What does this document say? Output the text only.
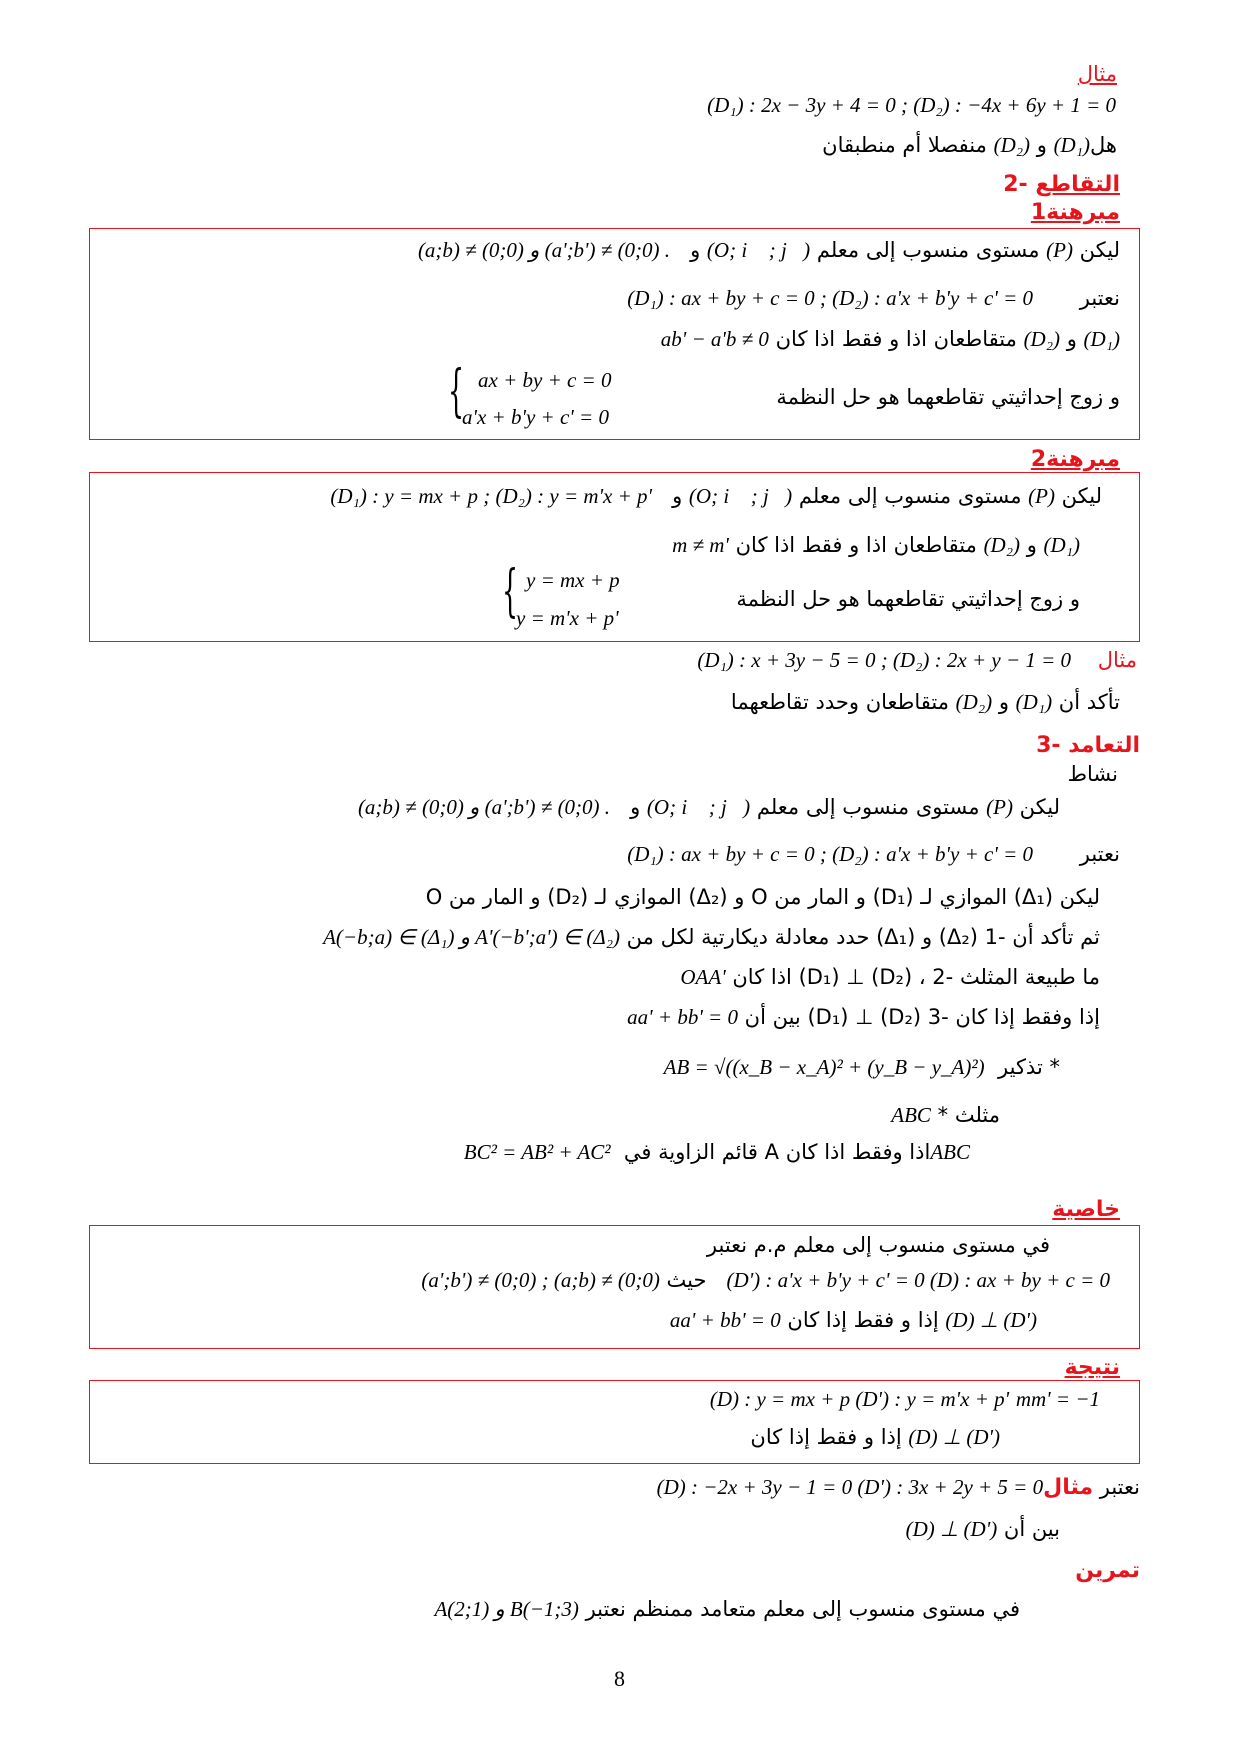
مثال
(D₁) : 2x − 3y + 4 = 0 ; (D₂) : −4x + 6y + 1 = 0
منفصلا أم منطبقان (D₂) و (D₁)هل
التقاطع -2
مبرهنة1
(a;b) ≠ (0;0) و (a';b') ≠ (0;0) . و (O; i⃗ ; j⃗) مستوى منسوب إلى معلم (P) ليكن
(D₁) : ax + by + c = 0 ; (D₂) : a'x + b'y + c' = 0 نعتبر
ab' − a'b ≠ 0 متقاطعان اذا و فقط اذا كان (D₂) و (D₁)
و زوج إحداثيتي تقاطعهما هو حل النظمة
{ ax + by + c = 0
a'x + b'y + c' = 0
مبرهنة2
(D₁) : y = mx + p ; (D₂) : y = m'x + p' و (O; i⃗ ; j⃗) مستوى منسوب إلى معلم (P) ليكن
m ≠ m' متقاطعان اذا و فقط اذا كان (D₂) و (D₁)
و زوج إحداثيتي تقاطعهما هو حل النظمة
{ y = mx + p
y = m'x + p'
(D₁) : x + 3y − 5 = 0 ; (D₂) : 2x + y − 1 = 0 مثال
متقاطعان وحدد تقاطعهما (D₂) و (D₁) تأكد أن
التعامد -3
نشاط
(a;b) ≠ (0;0) و (a';b') ≠ (0;0) . و (O; i⃗ ; j⃗) مستوى منسوب إلى معلم (P) ليكن
(D₁) : ax + by + c = 0 ; (D₂) : a'x + b'y + c' = 0 نعتبر
ليكن (Δ₁) الموازي لـ (D₁) و المار من O و (Δ₂) الموازي لـ (D₂) و المار من O
A(−b;a) ∈ (Δ₁) و A'(−b';a') ∈ (Δ₂) حدد معادلة ديكارتية لكل من (Δ₁) و (Δ₂) ثم تأكد أن -1
OAA' اذا كان (D₁) ⊥ (D₂) ، ما طبيعة المثلث -2
aa' + bb' = 0 بين أن (D₁) ⊥ (D₂) إذا وفقط إذا كان -3
AB = √((x_B − x_A)² + (y_B − y_A)²) تذكير *
ABC * مثلث
BC² = AB² + AC² قائم الزاوية في A اذا وفقط اذا كانABC
خاصية
في مستوى منسوب إلى معلم م.م نعتبر
(a';b') ≠ (0;0) ; (a;b) ≠ (0;0) حيث (D') : a'x + b'y + c' = 0 (D) : ax + by + c = 0
aa' + bb' = 0 إذا و فقط إذا كان (D) ⊥ (D')
نتيجة
(D) : y = mx + p (D') : y = m'x + p' mm' = −1
إذا و فقط إذا كان (D) ⊥ (D')
(D) : −2x + 3y − 1 = 0 (D') : 3x + 2y + 5 = 0	نعتبر مثال
(D) ⊥ (D') بين أن
تمرين
A(2;1) و B(−1;3) في مستوى منسوب إلى معلم متعامد ممنظم نعتبر
8
